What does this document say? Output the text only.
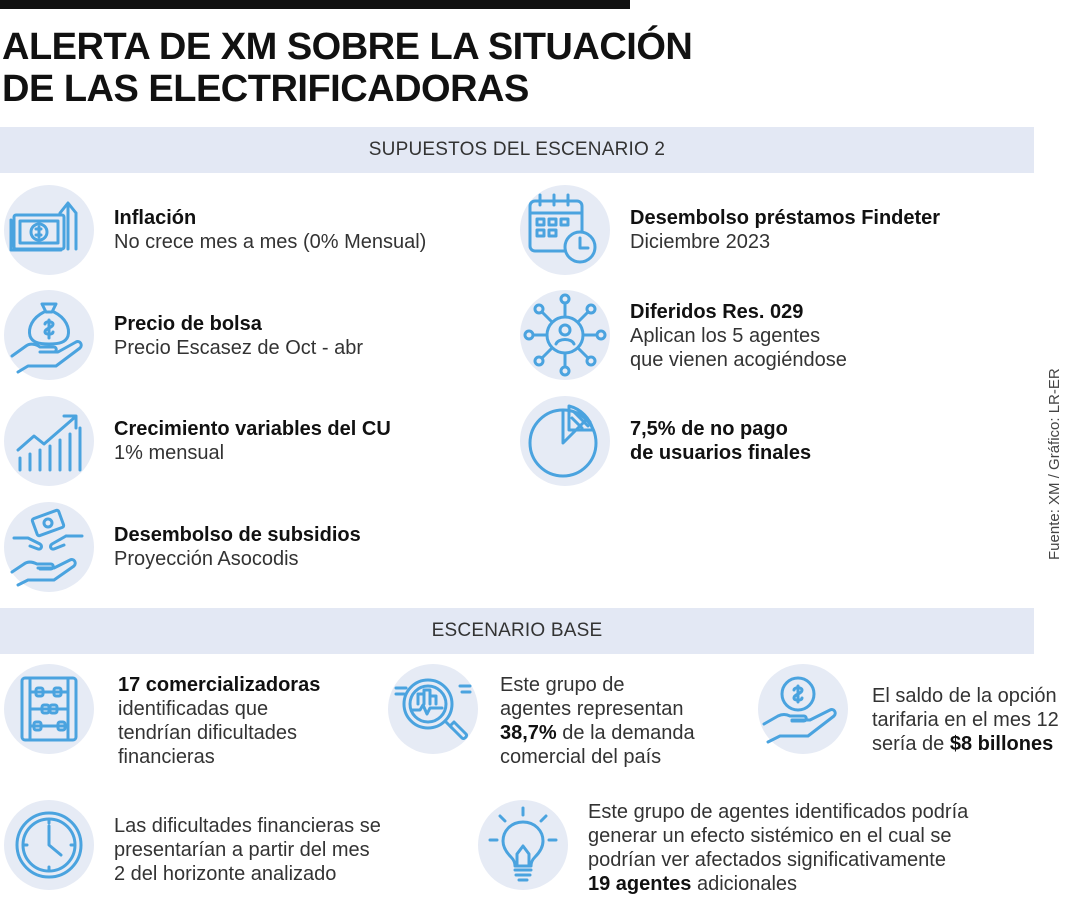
ALERTA DE XM SOBRE LA SITUACIÓN
DE LAS ELECTRIFICADORAS
SUPUESTOS DEL ESCENARIO 2
Inflación
No crece mes a mes (0% Mensual)
Desembolso préstamos Findeter
Diciembre 2023
Precio de bolsa
Precio Escasez de Oct - abr
Diferidos Res. 029
Aplican los 5 agentes
que vienen acogiéndose
Crecimiento variables del CU
1% mensual
7,5% de no pago
de usuarios finales
Desembolso de subsidios
Proyección Asocodis	Fuente: XM / Gráfico: LR-ER
ESCENARIO BASE
17 comercializadoras
identificadas que
tendrían dificultades
financieras
Este grupo de
agentes representan
38,7% de la demanda
comercial del país
El saldo de la opción
tarifaria en el mes 12
sería de $8 billones
Las dificultades financieras se
presentarían a partir del mes
2 del horizonte analizado
Este grupo de agentes identificados podría
generar un efecto sistémico en el cual se
podrían ver afectados significativamente
19 agentes adicionales
